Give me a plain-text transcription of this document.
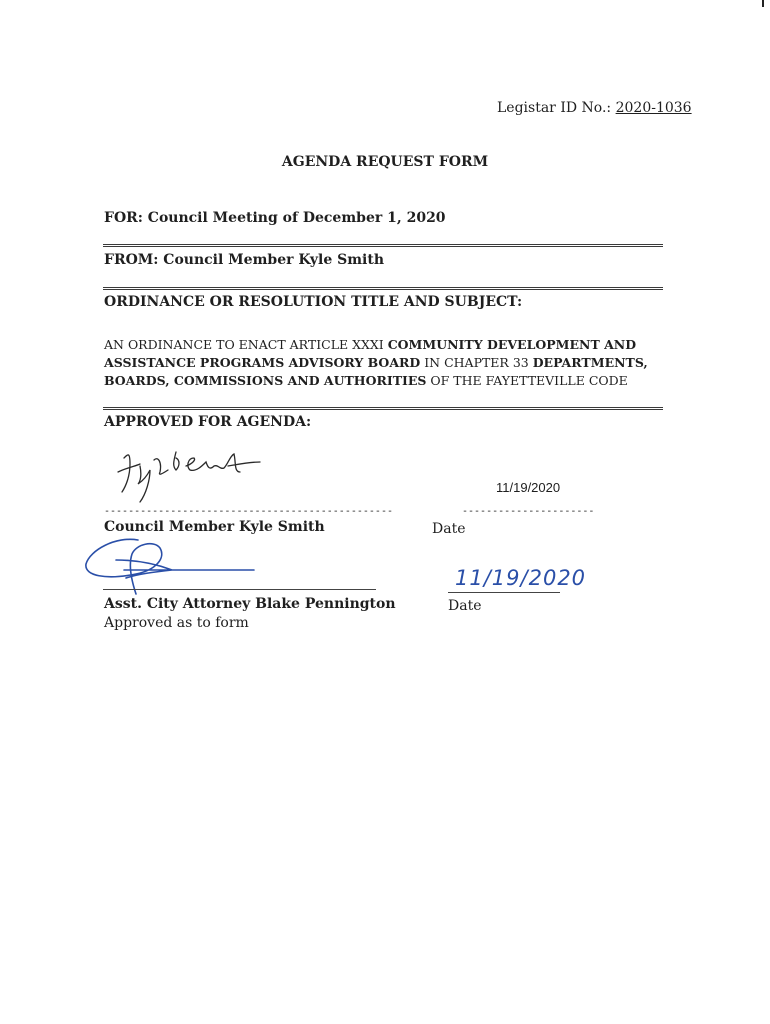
Legistar ID No.: 2020-1036
AGENDA REQUEST FORM
FOR: Council Meeting of December 1, 2020
FROM: Council Member Kyle Smith
ORDINANCE OR RESOLUTION TITLE AND SUBJECT:
AN ORDINANCE TO ENACT ARTICLE XXXI COMMUNITY DEVELOPMENT AND ASSISTANCE PROGRAMS ADVISORY BOARD IN CHAPTER 33 DEPARTMENTS, BOARDS, COMMISSIONS AND AUTHORITIES OF THE FAYETTEVILLE CODE
APPROVED FOR AGENDA:
11/19/2020
------------------------------------------------	----------------------
Council Member Kyle Smith	Date
11/19/2020
Asst. City Attorney Blake Pennington	Date
Approved as to form
